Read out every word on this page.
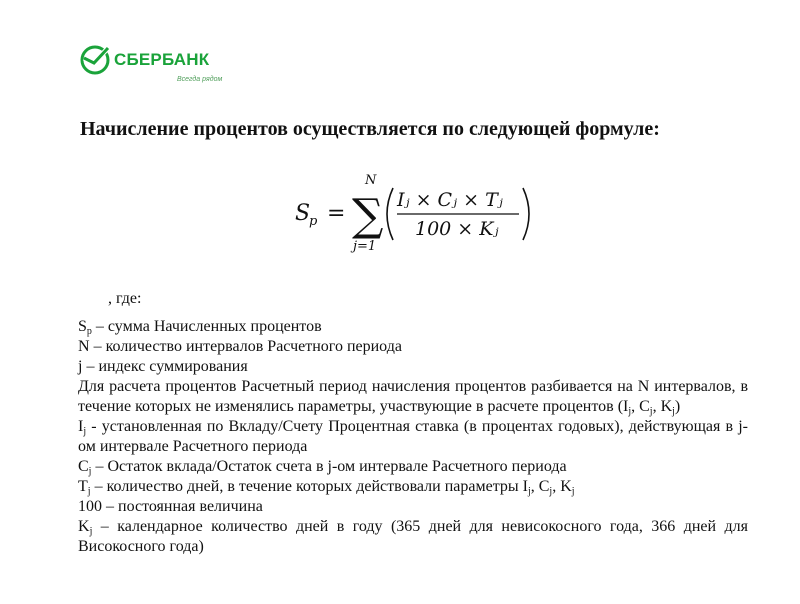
СБЕРБАНК
Всегда рядом
Начисление процентов осуществляется по следующей формуле:
S
p =
N
∑
j=1
Iⱼ × Cⱼ × Tⱼ
100 × Kⱼ
, где:

$S_p$ – сумма Начисленных процентов

N – количество интервалов Расчетного периода

j – индекс суммирования

Для расчета процентов Расчетный период начисления процентов разбивается на N интервалов, в течение которых не изменялись параметры, участвующие в расчете процентов ($I_j$, $C_j$, $K_j$)

$I_j$ - установленная по Вкладу/Счету Процентная ставка (в процентах годовых), действующая в j-ом интервале Расчетного периода

$C_j$ – Остаток вклада/Остаток счета в j-ом интервале Расчетного периода

$T_j$ – количество дней, в течение которых действовали параметры $I_j$, $C_j$, $K_j$

100 – постоянная величина

$K_j$ – календарное количество дней в году (365 дней для невисокосного года, 366 дней для Високосного года)
